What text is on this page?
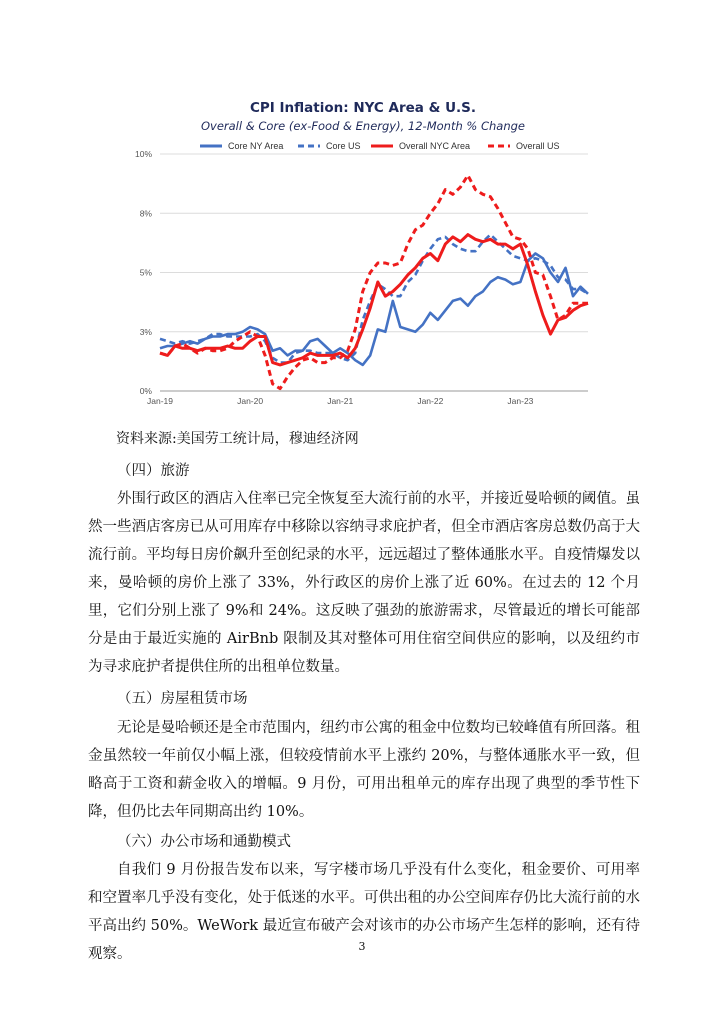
CPI Inflation: NYC Area & U.S.
Overall & Core (ex-Food & Energy), 12-Month % Change
Core NY Area	Core US	Overall NYC Area	Overall US
0%
3%
5%
8%
10%
Jan-19	Jan-20	Jan-21	Jan-22	Jan-23

资料来源:美国劳工统计局，穆迪经济网

（四）旅游

外围行政区的酒店入住率已完全恢复至大流行前的水平，并接近曼哈顿的阈值。虽然一些酒店客房已从可用库存中移除以容纳寻求庇护者，但全市酒店客房总数仍高于大流行前。平均每日房价飙升至创纪录的水平，远远超过了整体通胀水平。自疫情爆发以来，曼哈顿的房价上涨了 33%，外行政区的房价上涨了近 60%。在过去的 12 个月里，它们分别上涨了 9%和 24%。这反映了强劲的旅游需求，尽管最近的增长可能部分是由于最近实施的 AirBnb 限制及其对整体可用住宿空间供应的影响，以及纽约市为寻求庇护者提供住所的出租单位数量。

（五）房屋租赁市场

无论是曼哈顿还是全市范围内，纽约市公寓的租金中位数均已较峰值有所回落。租金虽然较一年前仅小幅上涨，但较疫情前水平上涨约 20%，与整体通胀水平一致，但略高于工资和薪金收入的增幅。9 月份，可用出租单元的库存出现了典型的季节性下降，但仍比去年同期高出约 10%。

（六）办公市场和通勤模式

自我们 9 月份报告发布以来，写字楼市场几乎没有什么变化，租金要价、可用率和空置率几乎没有变化，处于低迷的水平。可供出租的办公空间库存仍比大流行前的水平高出约 50%。WeWork 最近宣布破产会对该市的办公市场产生怎样的影响，还有待观察。	3
